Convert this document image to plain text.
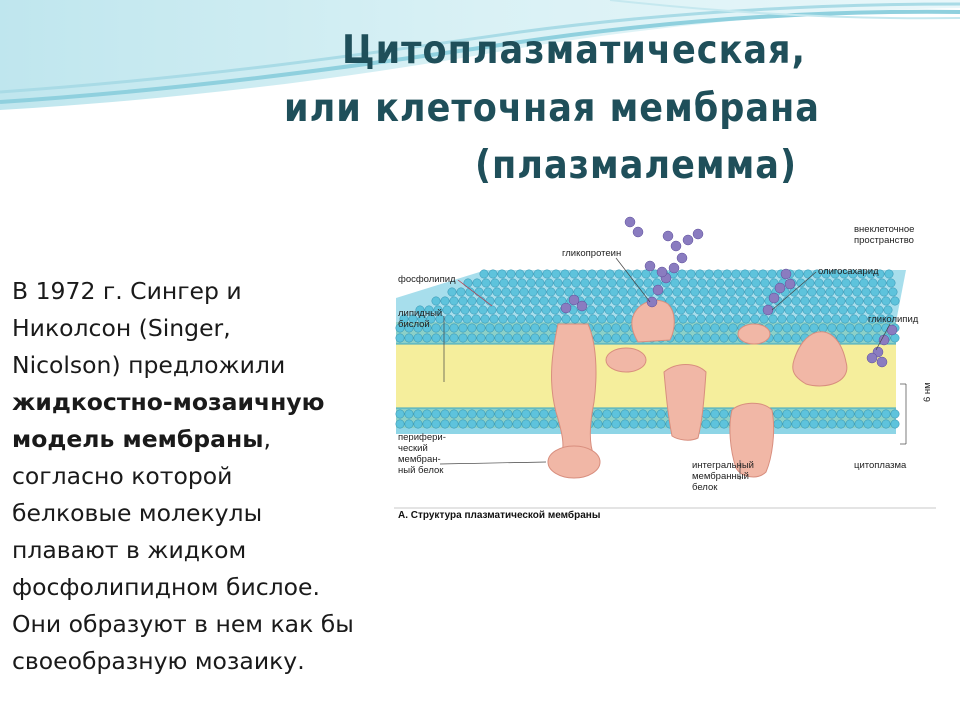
Цитоплазматическая,
или клеточная мембрана
(плазмалемма)
В 1972 г. Сингер и
Николсон (Singer,
Nicolson) предложили
жидкостно-мозаичную
модель мембраны,
согласно которой
белковые молекулы
плавают в жидком
фосфолипидном бислое.
Они образуют в нем как бы
своеобразную мозаику.
внеклеточное
пространство
гликопротеин
олигосахарид
фосфолипид
липидный
бислой	гликолипид
6 нм
перифери-
ческий
мембран-
ный белок	интегральный
мембранный
белок
цитоплазма
А. Структура плазматической мембраны
